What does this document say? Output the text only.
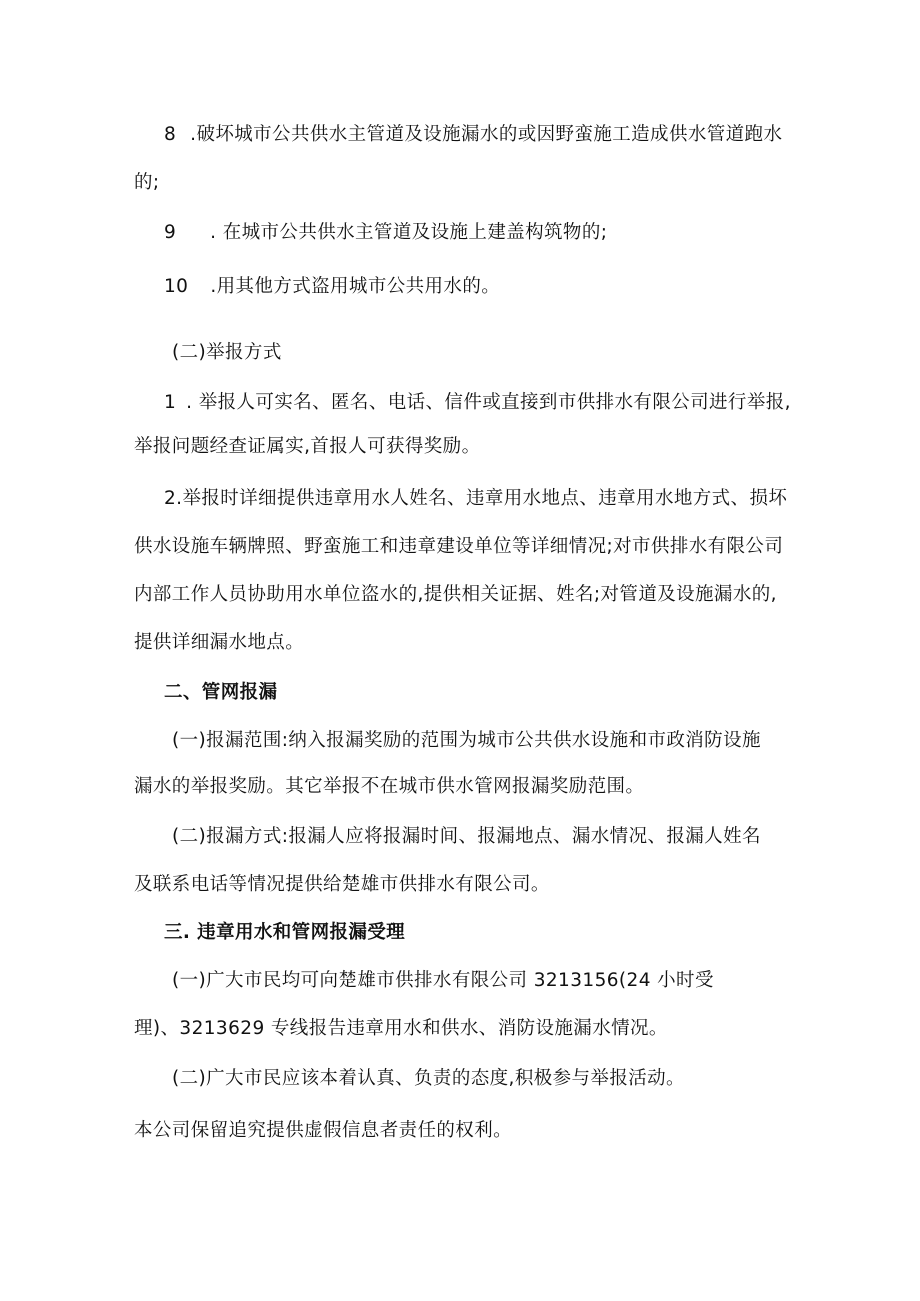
8 .破坏城市公共供水主管道及设施漏水的或因野蛮施工造成供水管道跑水
的;
9 . 在城市公共供水主管道及设施上建盖构筑物的;
10 .用其他方式盗用城市公共用水的。
(二)举报方式
1 . 举报人可实名、匿名、电话、信件或直接到市供排水有限公司进行举报,
举报问题经查证属实,首报人可获得奖励。
2.举报时详细提供违章用水人姓名、违章用水地点、违章用水地方式、损坏
供水设施车辆牌照、野蛮施工和违章建设单位等详细情况;对市供排水有限公司
内部工作人员协助用水单位盗水的,提供相关证据、姓名;对管道及设施漏水的,
提供详细漏水地点。
二、管网报漏
(一)报漏范围:纳入报漏奖励的范围为城市公共供水设施和市政消防设施
漏水的举报奖励。其它举报不在城市供水管网报漏奖励范围。
(二)报漏方式:报漏人应将报漏时间、报漏地点、漏水情况、报漏人姓名
及联系电话等情况提供给楚雄市供排水有限公司。
三. 违章用水和管网报漏受理
(一)广大市民均可向楚雄市供排水有限公司 3213156(24 小时受
理)、3213629 专线报告违章用水和供水、消防设施漏水情况。
(二)广大市民应该本着认真、负责的态度,积极参与举报活动。
本公司保留追究提供虚假信息者责任的权利。
